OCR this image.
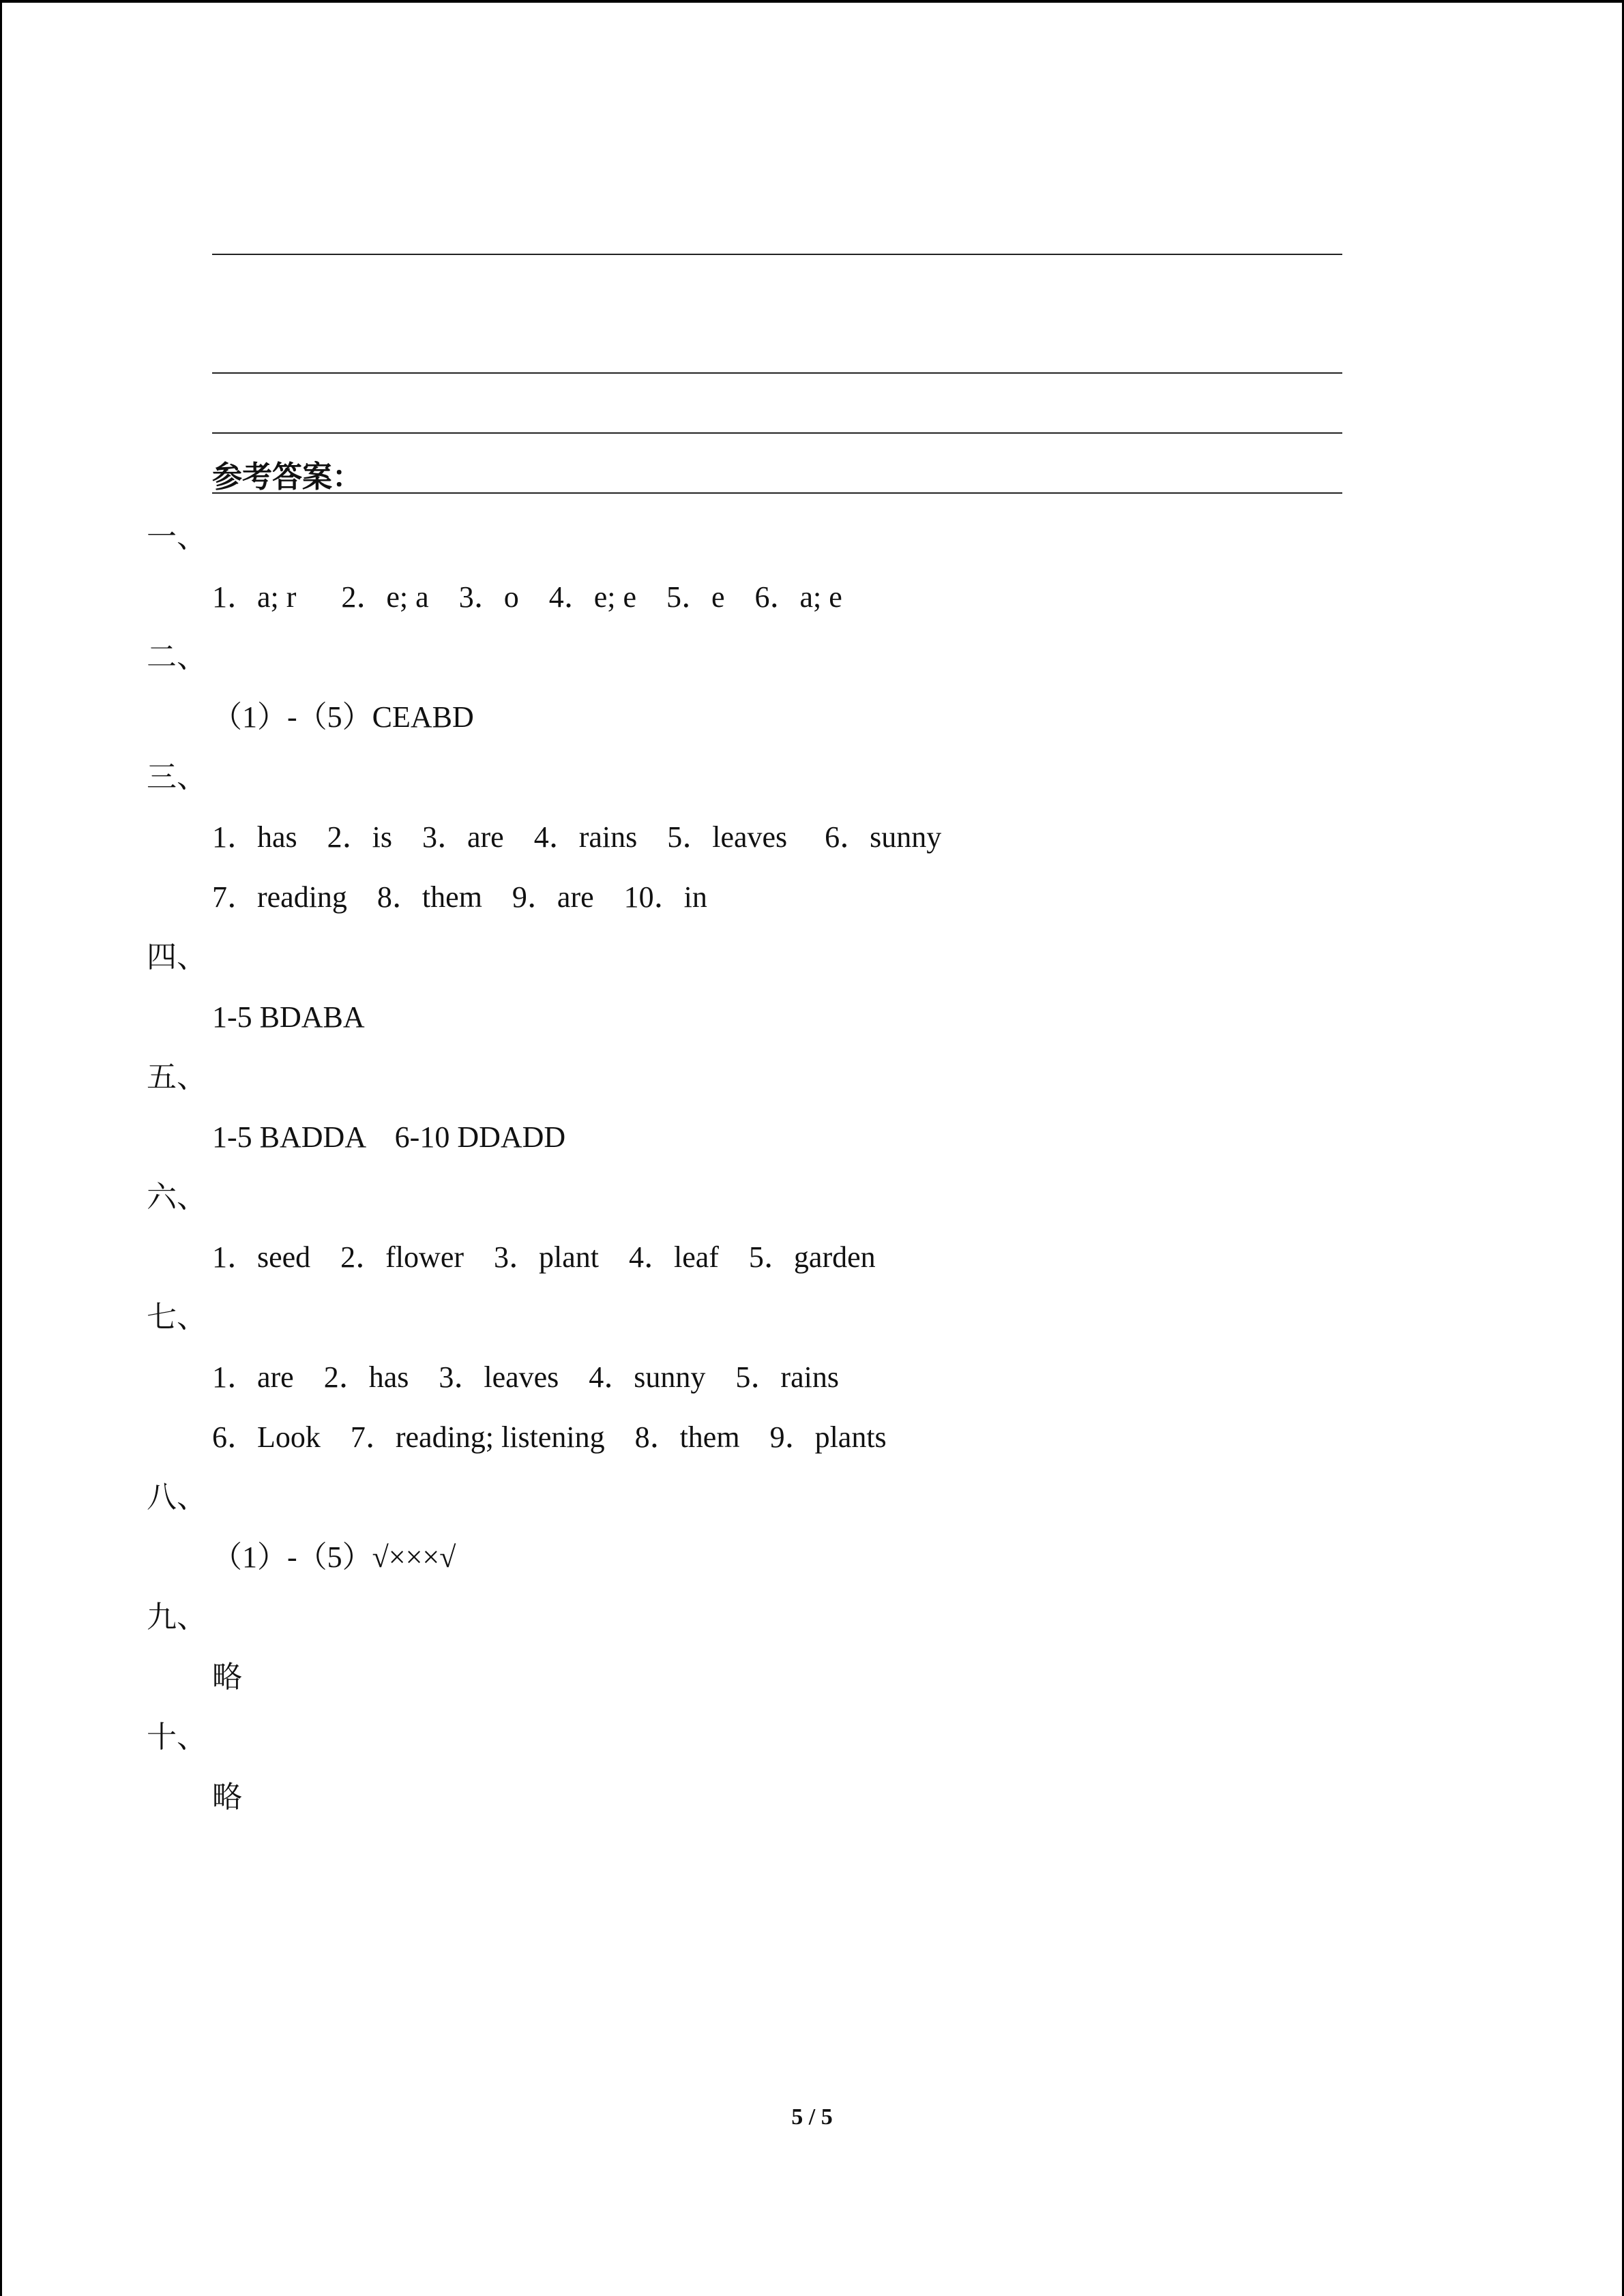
参考答案：
一、
1．a; r      2．e; a    3．o    4．e; e    5．e    6．a; e
二、
（1）-（5）CEABD
三、
1．has    2．is    3．are    4．rains    5．leaves     6．sunny
7．reading    8．them    9．are    10．in
四、
1-5 BDABA
五、
1-5 BADDA    6-10 DDADD
六、
1．seed    2．flower    3．plant    4．leaf    5．garden
七、
1．are    2．has    3．leaves    4．sunny    5．rains
6．Look    7．reading; listening    8．them    9．plants
八、
（1）-（5）√×××√
九、
略
十、
略
5 / 5
